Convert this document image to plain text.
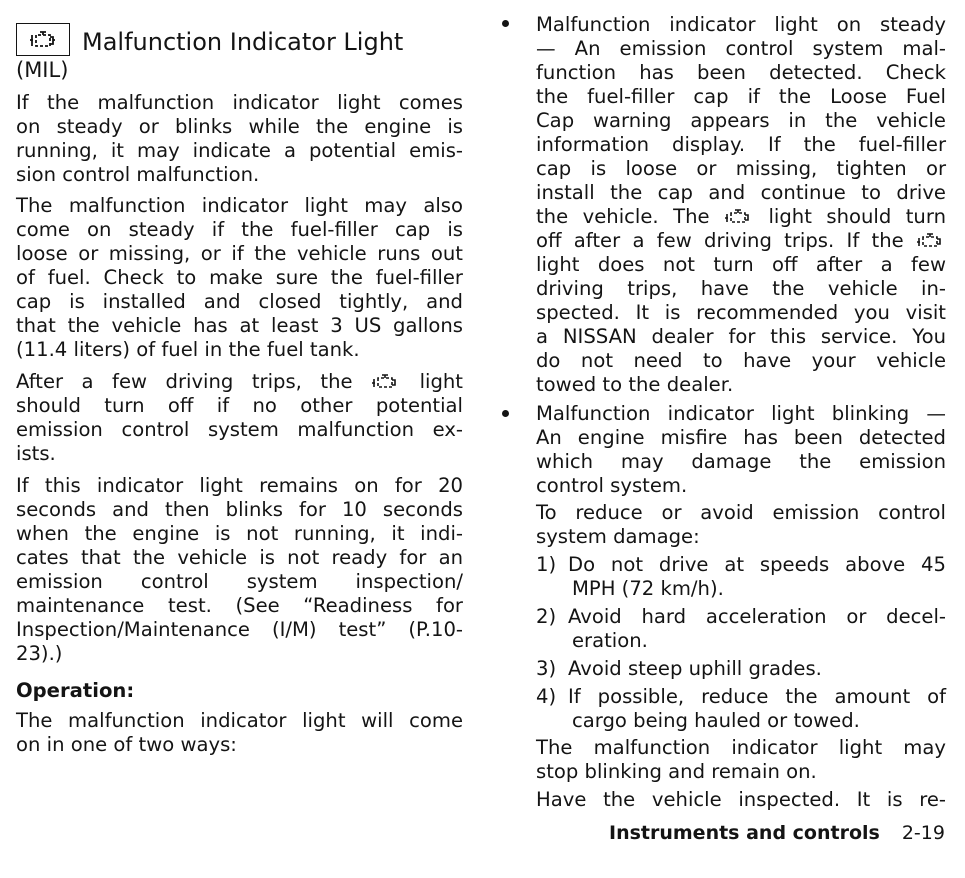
Malfunction Indicator Light
(MIL)
If the malfunction indicator light comes
on steady or blinks while the engine is
running, it may indicate a potential emis-
sion control malfunction.
The malfunction indicator light may also
come on steady if the fuel-filler cap is
loose or missing, or if the vehicle runs out
of fuel. Check to make sure the fuel-filler
cap is installed and closed tightly, and
that the vehicle has at least 3 US gallons
(11.4 liters) of fuel in the fuel tank.
After a few driving trips, the	light
should turn off if no other potential
emission control system malfunction ex-
ists.
If this indicator light remains on for 20
seconds and then blinks for 10 seconds
when the engine is not running, it indi-
cates that the vehicle is not ready for an
emission control system inspection/
maintenance test. (See “Readiness for
Inspection/Maintenance (I/M) test” (P.10-
23).)
Operation:
The malfunction indicator light will come
on in one of two ways:
Malfunction indicator light on steady
— An emission control system mal-
function has been detected. Check
the fuel-filler cap if the Loose Fuel
Cap warning appears in the vehicle
information display. If the fuel-filler
cap is loose or missing, tighten or
install the cap and continue to drive
the vehicle. The	light should turn
off after a few driving trips. If the
light does not turn off after a few
driving trips, have the vehicle in-
spected. It is recommended you visit
a NISSAN dealer for this service. You
do not need to have your vehicle
towed to the dealer.
Malfunction indicator light blinking —
An engine misfire has been detected
which may damage the emission
control system.
To reduce or avoid emission control
system damage:
1) Do not drive at speeds above 45
MPH (72 km/h).
2) Avoid hard acceleration or decel-
eration.
3) Avoid steep uphill grades.
4) If possible, reduce the amount of
cargo being hauled or towed.
The malfunction indicator light may
stop blinking and remain on.
Have the vehicle inspected. It is re-
Instruments and controls 2-19
